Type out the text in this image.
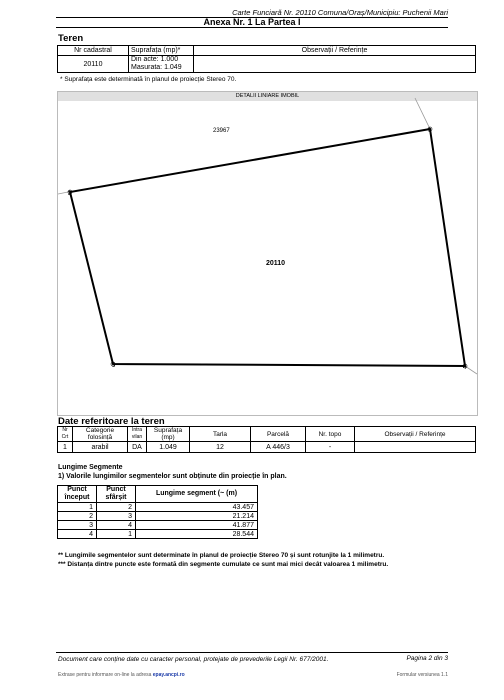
Carte Funciară Nr. 20110 Comuna/Oraș/Municipiu: Puchenii Mari
Anexa Nr. 1 La Partea I
Teren
Nr cadastral	Suprafața (mp)*	Observații / Referințe
20110	Din acte: 1.000
Masurata: 1.049	

* Suprafața este determinată în planul de proiecție Stereo 70.
DETALII LINIARE IMOBIL
23967
20110
1
2
3	4
Date referitoare la teren
Nr Crt	Categorie folosință	Intra vilan	Suprafața (mp)	Tarla	Parcelă	Nr. topo	Observații / Referințe
1	arabil	DA	1.049	12	A 446/3	-	
Lungime Segmente
1) Valorile lungimilor segmentelor sunt obținute din proiecție în plan.
Punct început	Punct sfârșit	Lungime segment (~ (m)
1	2	43.457
2	3	21.214
3	4	41.877
4	1	28.544
** Lungimile segmentelor sunt determinate în planul de proiecție Stereo 70 și sunt rotunjite la 1 milimetru.
*** Distanța dintre puncte este formată din segmente cumulate ce sunt mai mici decât valoarea 1 milimetru.
Document care conține date cu caracter personal, protejate de prevederile Legii Nr. 677/2001.	Pagina 2 din 3
Extrase pentru informare on-line la adresa epay.ancpi.ro	Formular versiunea 1.1
